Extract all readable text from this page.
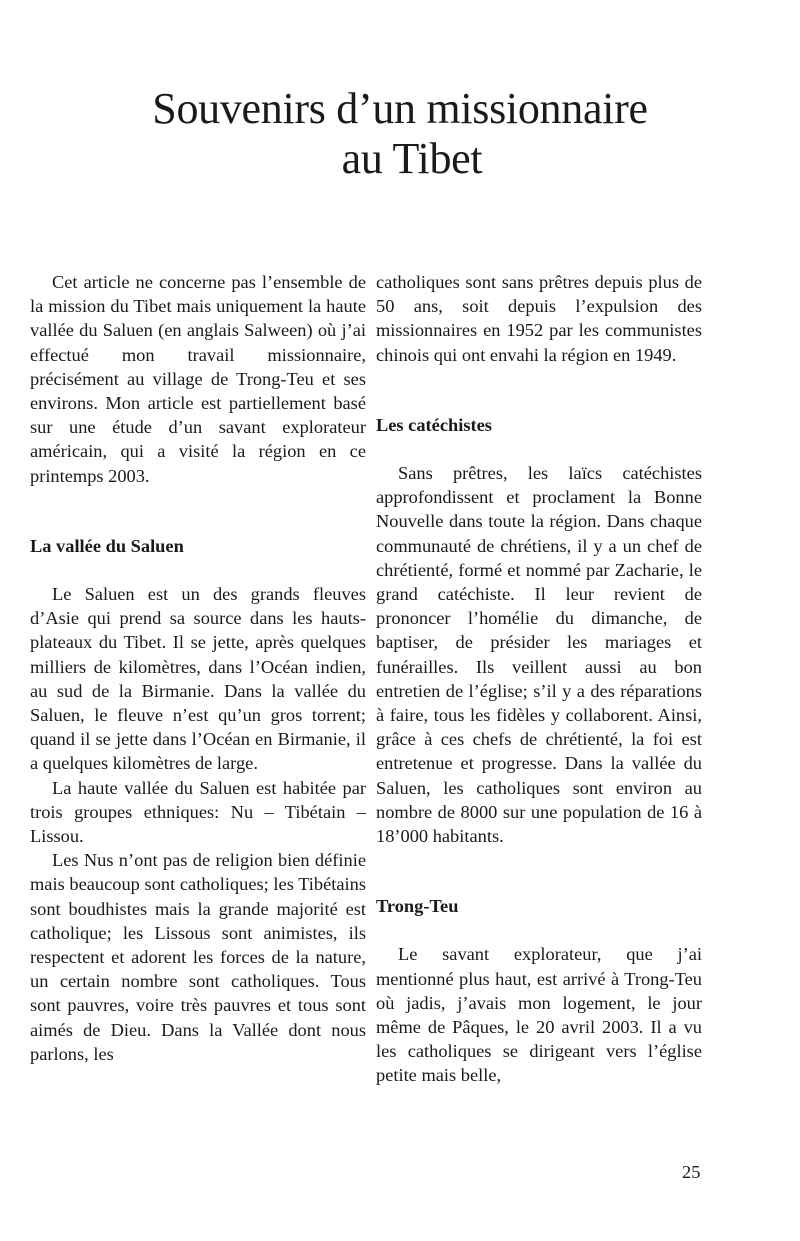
Souvenirs d’un missionnaire
au Tibet

Cet article ne concerne pas l’ensemble de la mission du Tibet mais uniquement la haute vallée du Saluen (en anglais Salween) où j’ai effectué mon travail missionnaire, précisément au village de Trong-Teu et ses environs. Mon article est partiellement basé sur une étude d’un savant explorateur américain, qui a visité la région en ce printemps 2003.

La vallée du Saluen

Le Saluen est un des grands fleuves d’Asie qui prend sa source dans les hauts-plateaux du Tibet. Il se jette, après quelques milliers de kilomètres, dans l’Océan indien, au sud de la Birmanie. Dans la vallée du Saluen, le fleuve n’est qu’un gros torrent; quand il se jette dans l’Océan en Birmanie, il a quelques kilomètres de large.

La haute vallée du Saluen est habitée par trois groupes ethniques: Nu – Tibétain – Lissou.

Les Nus n’ont pas de religion bien définie mais beaucoup sont catholiques; les Tibétains sont boudhistes mais la grande majorité est catholique; les Lissous sont animistes, ils respectent et adorent les forces de la nature, un certain nombre sont catholiques. Tous sont pauvres, voire très pauvres et tous sont aimés de Dieu. Dans la Vallée dont nous parlons, les

catholiques sont sans prêtres depuis plus de 50 ans, soit depuis l’expulsion des missionnaires en 1952 par les communistes chinois qui ont envahi la région en 1949.

Les catéchistes

Sans prêtres, les laïcs catéchistes approfondissent et proclament la Bonne Nouvelle dans toute la région. Dans chaque communauté de chrétiens, il y a un chef de chrétienté, formé et nommé par Zacharie, le grand catéchiste. Il leur revient de prononcer l’homélie du dimanche, de baptiser, de présider les mariages et funérailles. Ils veillent aussi au bon entretien de l’église; s’il y a des réparations à faire, tous les fidèles y collaborent. Ainsi, grâce à ces chefs de chrétienté, la foi est entretenue et progresse. Dans la vallée du Saluen, les catholiques sont environ au nombre de 8000 sur une population de 16 à 18’000 habitants.

Trong-Teu

Le savant explorateur, que j’ai mentionné plus haut, est arrivé à Trong-Teu où jadis, j’avais mon logement, le jour même de Pâques, le 20 avril 2003. Il a vu les catholiques se dirigeant vers l’église petite mais belle,

25
